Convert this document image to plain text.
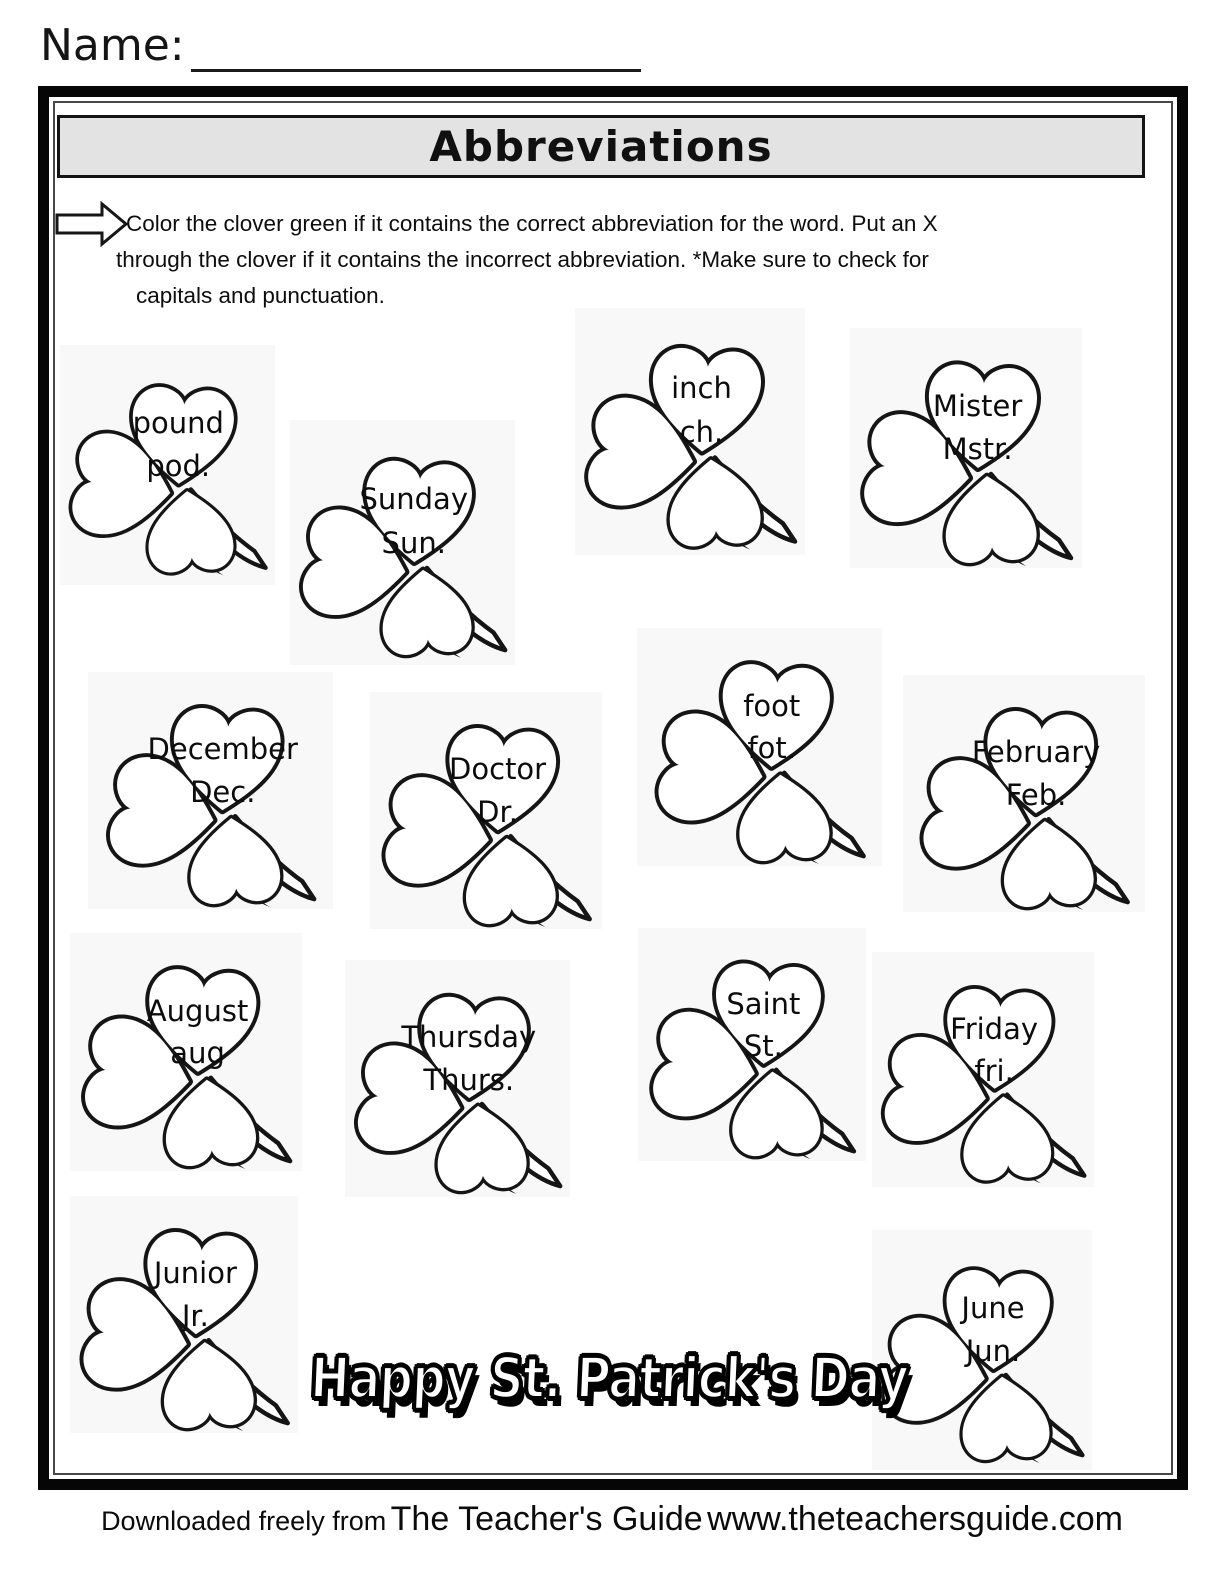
Name:
Abbreviations
Color the clover green if it contains the correct abbreviation for the word. Put an X
through the clover if it contains the incorrect abbreviation. *Make sure to check for
capitals and punctuation.
pound
pod.
Sunday
Sun.
inch
ch.
Mister
Mstr.
December
Dec.
Doctor
Dr.
foot
fot.	February
Feb.
August
aug	Thursday
Thurs.
Saint
St.
Friday
fri.
Junior
Jr.	June
Jun.
Happy St. Patrick's Day
Downloaded freely from The Teacher's Guide www.theteachersguide.com
